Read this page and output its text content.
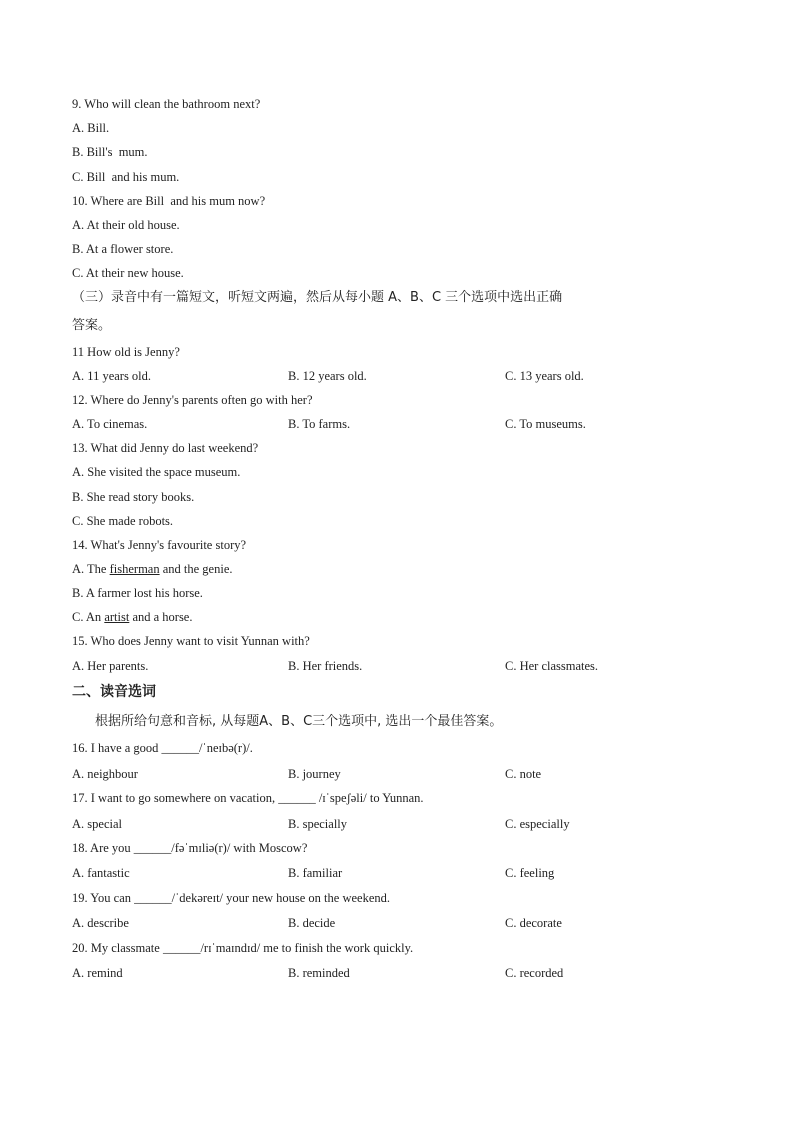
9. Who will clean the bathroom next?
A. Bill.
B. Bill's  mum.
C. Bill  and his mum.
10. Where are Bill  and his mum now?
A. At their old house.
B. At a flower store.
C. At their new house.
（三）录音中有一篇短文，听短文两遍，然后从每小题 A、B、C 三个选项中选出正确
答案。
11 How old is Jenny?
A. 11 years old.	B. 12 years old.	C. 13 years old.
12. Where do Jenny's parents often go with her?
A. To cinemas.	B. To farms.	C. To museums.
13. What did Jenny do last weekend?
A. She visited the space museum.
B. She read story books.
C. She made robots.
14. What's Jenny's favourite story?
A. The fisherman and the genie.
B. A farmer lost his horse.
C. An artist and a horse.
15. Who does Jenny want to visit Yunnan with?
A. Her parents.	B. Her friends.	C. Her classmates.
二、读音选词
根据所给句意和音标, 从每题A、B、C三个选项中, 选出一个最佳答案。
16. I have a good ______/ˈneɪbə(r)/.
A. neighbour	B. journey	C. note
17. I want to go somewhere on vacation, ______ /ɪˈspeʃəli/ to Yunnan.
A. special	B. specially	C. especially
18. Are you ______/fəˈmɪliə(r)/ with Moscow?
A. fantastic	B. familiar	C. feeling
19. You can ______/ˈdekəreɪt/ your new house on the weekend.
A. describe	B. decide	C. decorate
20. My classmate ______/rɪˈmaɪndɪd/ me to finish the work quickly.
A. remind	B. reminded	C. recorded
